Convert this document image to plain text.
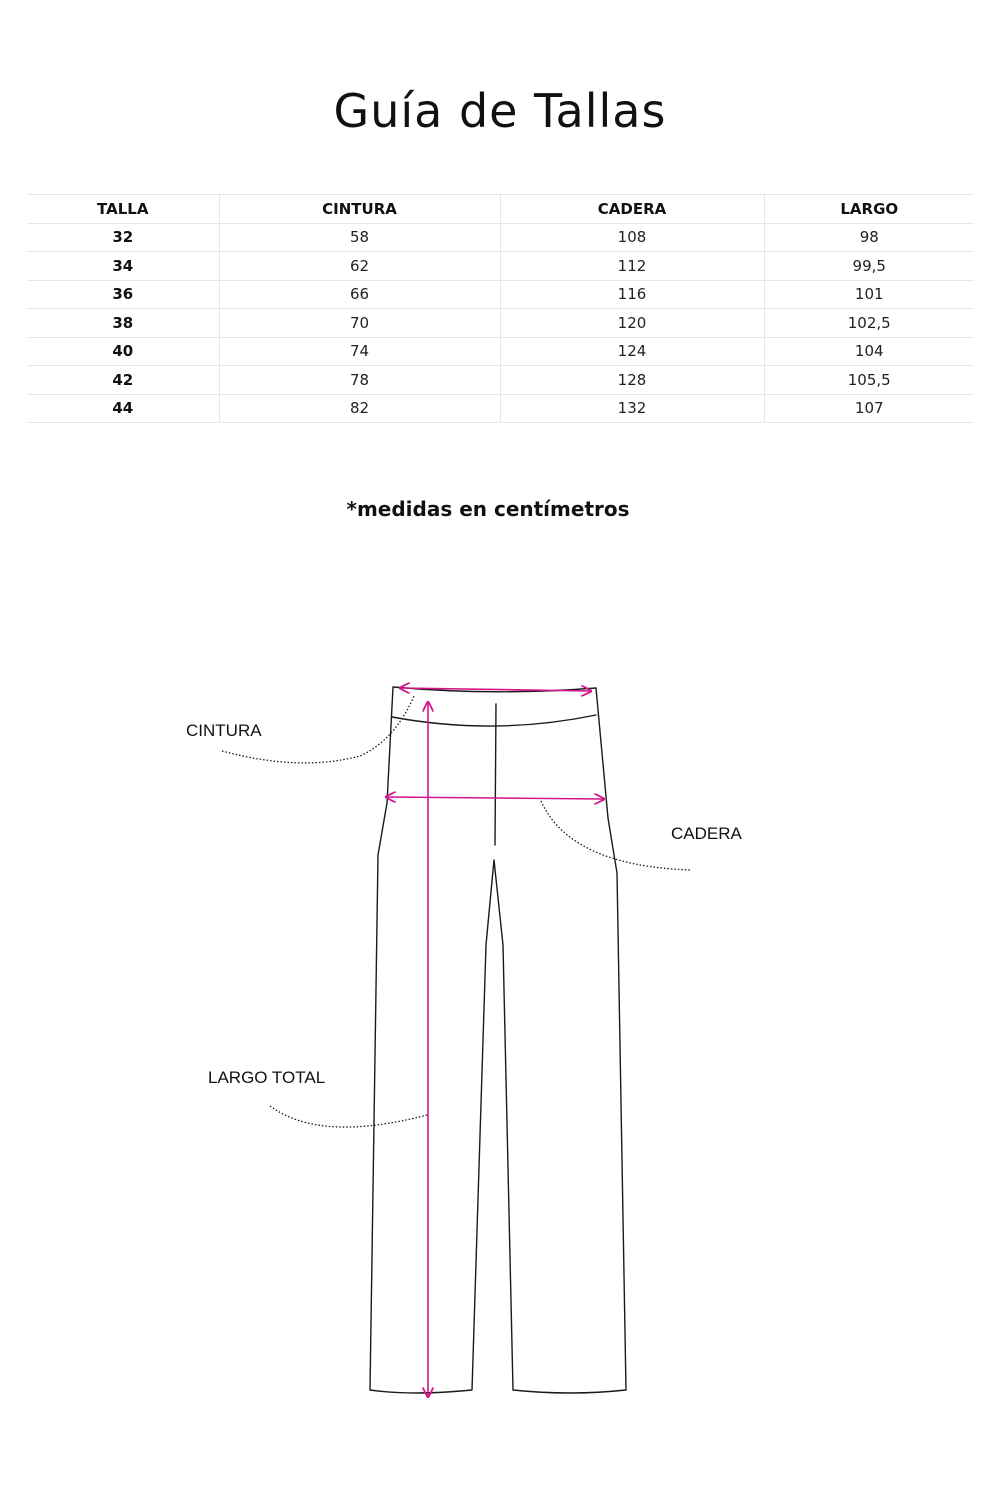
Guía de Tallas
TALLA	CINTURA	CADERA	LARGO
32	58	108	98
34	62	112	99,5
36	66	116	101
38	70	120	102,5
40	74	124	104
42	78	128	105,5
44	82	132	107
*medidas en centímetros
CINTURA
CADERA
LARGO TOTAL
